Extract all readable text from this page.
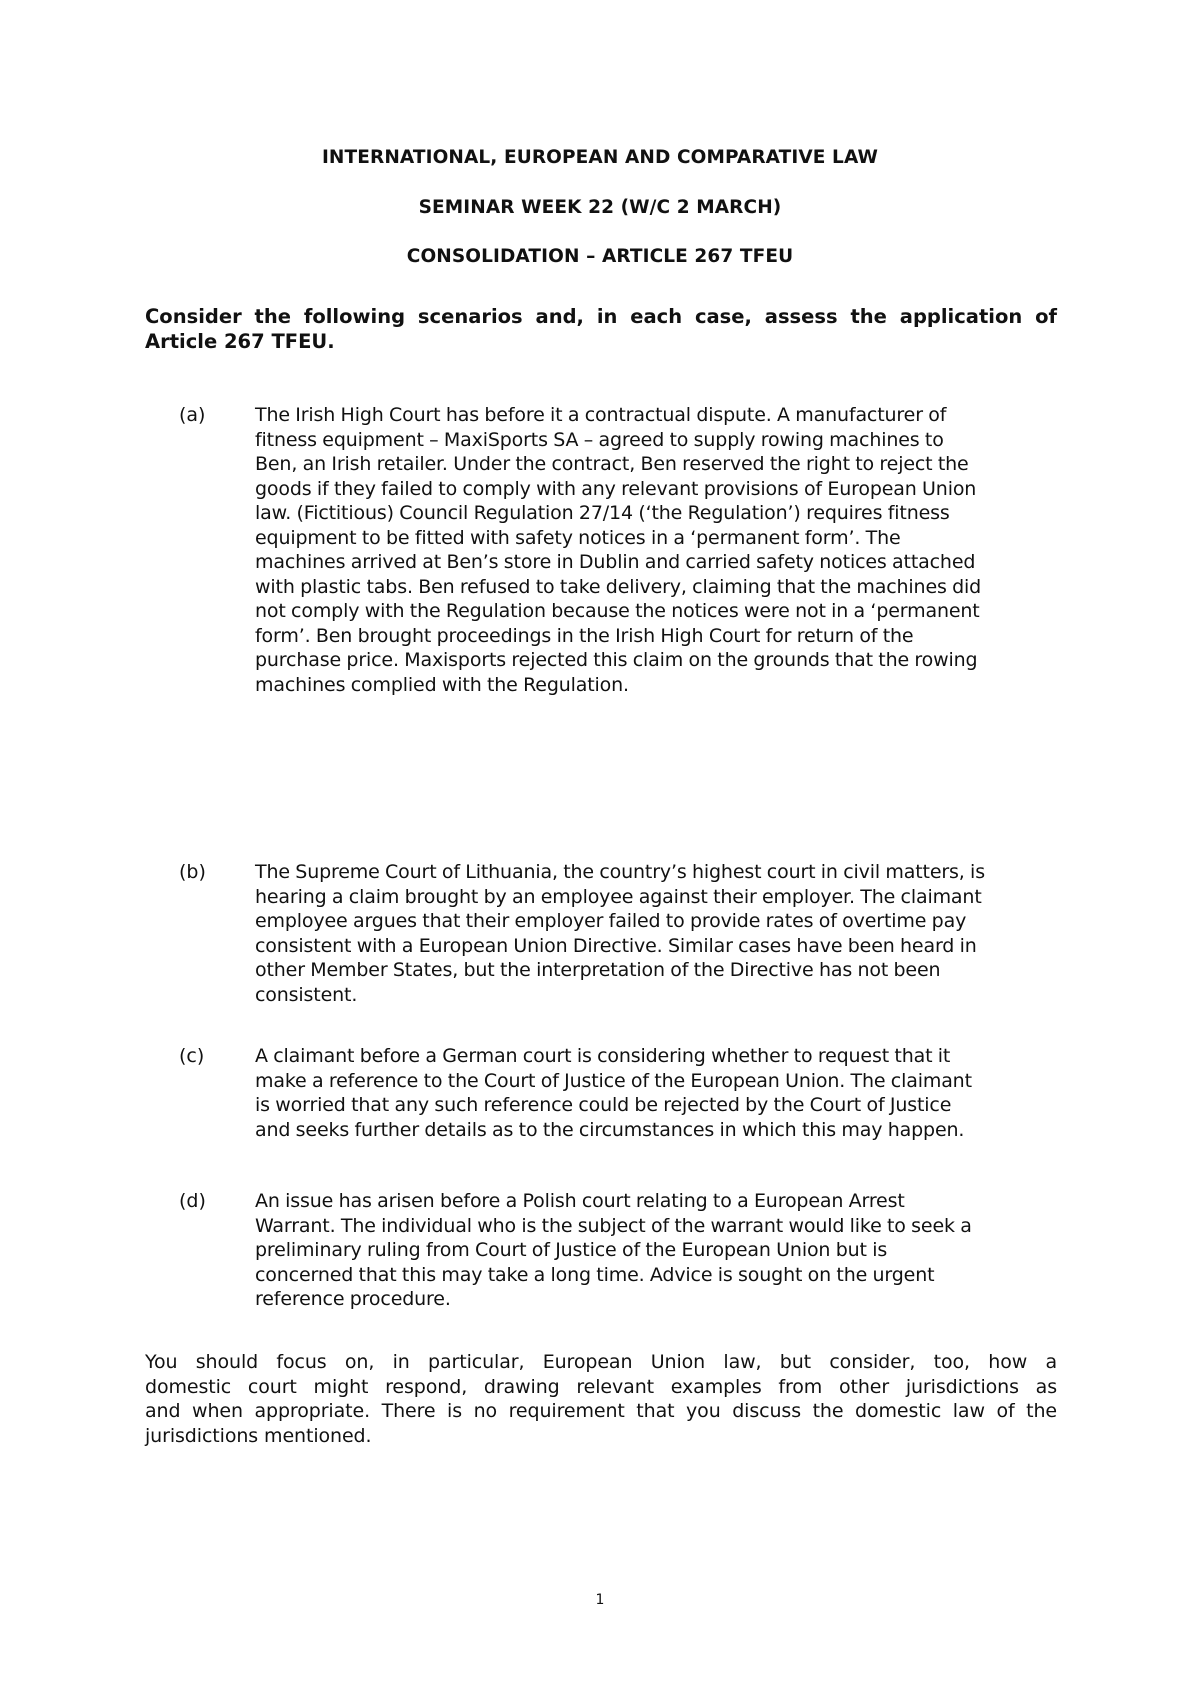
INTERNATIONAL, EUROPEAN AND COMPARATIVE LAW
SEMINAR WEEK 22 (W/C 2 MARCH)
CONSOLIDATION – ARTICLE 267 TFEU
Consider the following scenarios and, in each case, assess the application of Article 267 TFEU.
(a)	The Irish High Court has before it a contractual dispute. A manufacturer of
fitness equipment – MaxiSports SA – agreed to supply rowing machines to
Ben, an Irish retailer. Under the contract, Ben reserved the right to reject the
goods if they failed to comply with any relevant provisions of European Union
law. (Fictitious) Council Regulation 27/14 (‘the Regulation’) requires fitness
equipment to be fitted with safety notices in a ‘permanent form’. The
machines arrived at Ben’s store in Dublin and carried safety notices attached
with plastic tabs. Ben refused to take delivery, claiming that the machines did
not comply with the Regulation because the notices were not in a ‘permanent
form’. Ben brought proceedings in the Irish High Court for return of the
purchase price. Maxisports rejected this claim on the grounds that the rowing
machines complied with the Regulation.
(b)	The Supreme Court of Lithuania, the country’s highest court in civil matters, is
hearing a claim brought by an employee against their employer. The claimant
employee argues that their employer failed to provide rates of overtime pay
consistent with a European Union Directive. Similar cases have been heard in
other Member States, but the interpretation of the Directive has not been
consistent.
(c)	A claimant before a German court is considering whether to request that it
make a reference to the Court of Justice of the European Union. The claimant
is worried that any such reference could be rejected by the Court of Justice
and seeks further details as to the circumstances in which this may happen.
(d)	An issue has arisen before a Polish court relating to a European Arrest
Warrant. The individual who is the subject of the warrant would like to seek a
preliminary ruling from Court of Justice of the European Union but is
concerned that this may take a long time. Advice is sought on the urgent
reference procedure.
You should focus on, in particular, European Union law, but consider, too, how a
domestic court might respond, drawing relevant examples from other jurisdictions as
and when appropriate. There is no requirement that you discuss the domestic law of the
jurisdictions mentioned.
1
